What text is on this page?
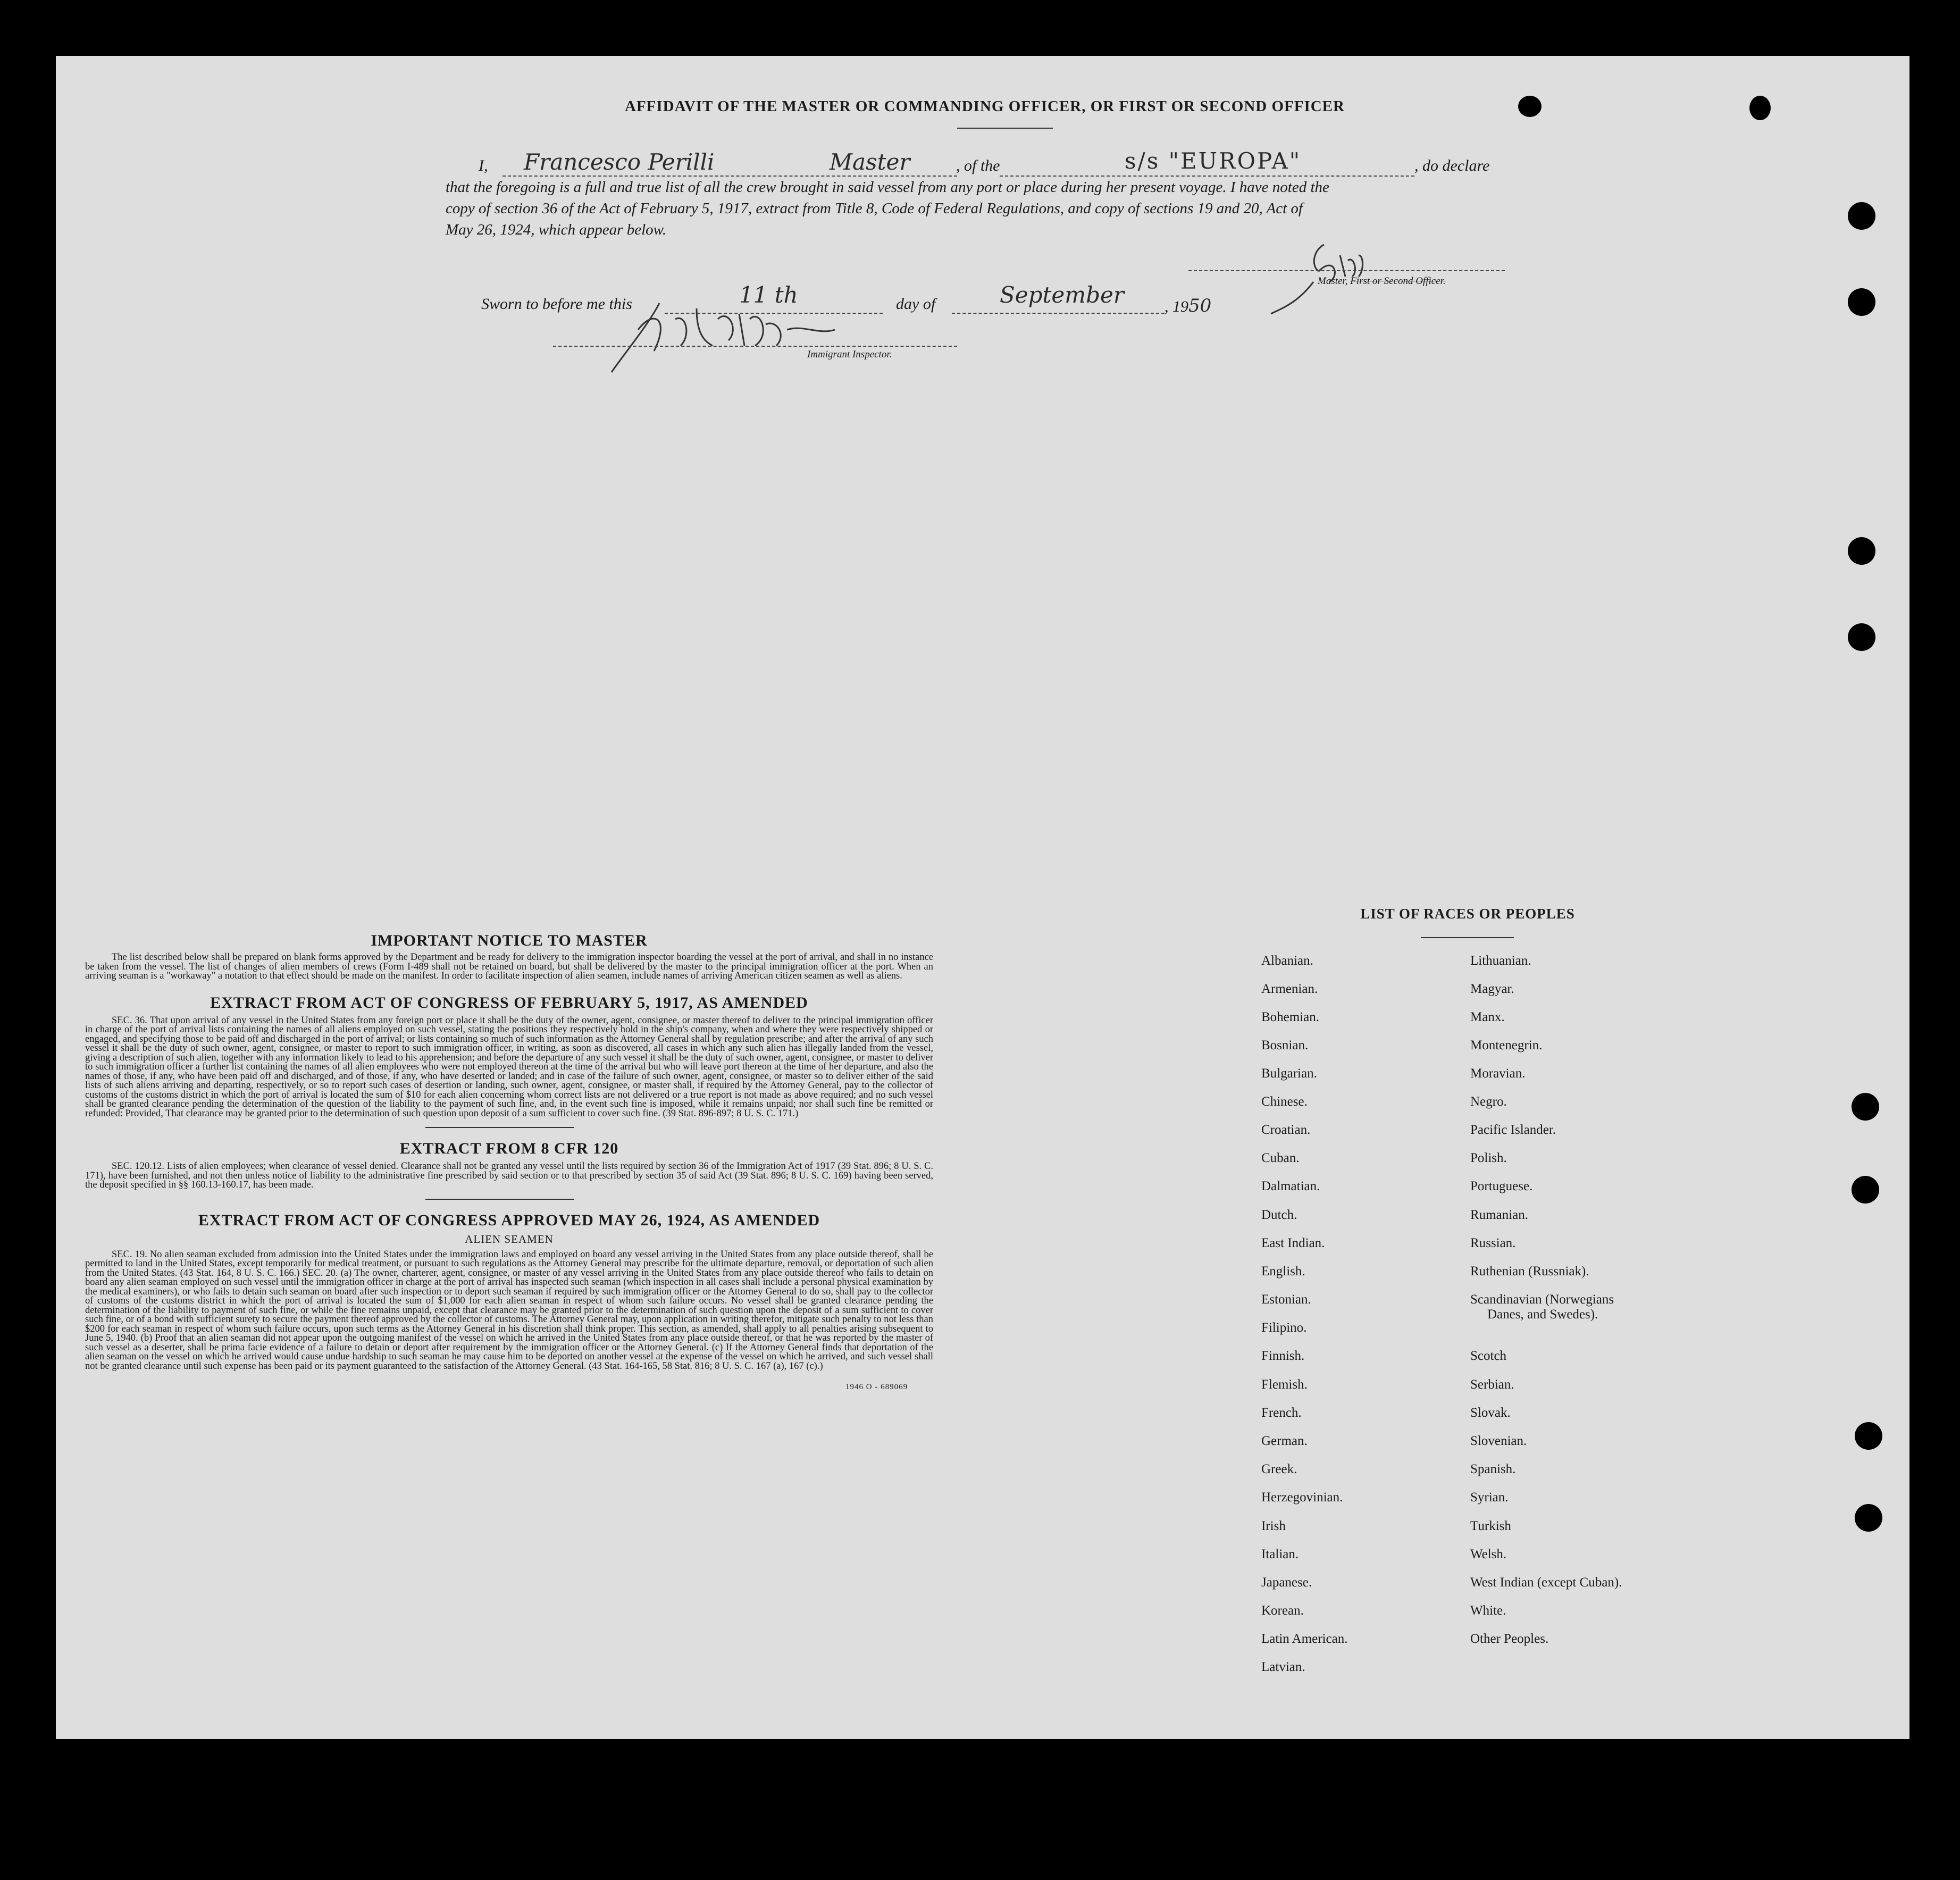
AFFIDAVIT OF THE MASTER OR COMMANDING OFFICER, OR FIRST OR SECOND OFFICER
I,	Francesco Perilli	Master	, of the	s/s "EUROPA"	, do declare
that the foregoing is a full and true list of all the crew brought in said vessel from any port or place during her present voyage. I have noted the
copy of section 36 of the Act of February 5, 1917, extract from Title 8, Code of Federal Regulations, and copy of sections 19 and 20, Act of
May 26, 1924, which appear below.
Master, First or Second Officer.
Sworn to before me this	11 th	day of	September	, 1950
Immigrant Inspector.
IMPORTANT NOTICE TO MASTER
The list described below shall be prepared on blank forms approved by the Department and be ready for delivery to the immigration inspector boarding the vessel at the port of arrival, and shall in no instance be taken from the vessel. The list of changes of alien members of crews (Form I-489 shall not be retained on board, but shall be delivered by the master to the principal immigration officer at the port. When an arriving seaman is a "workaway" a notation to that effect should be made on the manifest. In order to facilitate inspection of alien seamen, include names of arriving American citizen seamen as well as aliens.
EXTRACT FROM ACT OF CONGRESS OF FEBRUARY 5, 1917, AS AMENDED
SEC. 36. That upon arrival of any vessel in the United States from any foreign port or place it shall be the duty of the owner, agent, consignee, or master thereof to deliver to the principal immigration officer in charge of the port of arrival lists containing the names of all aliens employed on such vessel, stating the positions they respectively hold in the ship's company, when and where they were respectively shipped or engaged, and specifying those to be paid off and discharged in the port of arrival; or lists containing so much of such information as the Attorney General shall by regulation prescribe; and after the arrival of any such vessel it shall be the duty of such owner, agent, consignee, or master to report to such immigration officer, in writing, as soon as discovered, all cases in which any such alien has illegally landed from the vessel, giving a description of such alien, together with any information likely to lead to his apprehension; and before the departure of any such vessel it shall be the duty of such owner, agent, consignee, or master to deliver to such immigration officer a further list containing the names of all alien employees who were not employed thereon at the time of the arrival but who will leave port thereon at the time of her departure, and also the names of those, if any, who have been paid off and discharged, and of those, if any, who have deserted or landed; and in case of the failure of such owner, agent, consignee, or master so to deliver either of the said lists of such aliens arriving and departing, respectively, or so to report such cases of desertion or landing, such owner, agent, consignee, or master shall, if required by the Attorney General, pay to the collector of customs of the customs district in which the port of arrival is located the sum of $10 for each alien concerning whom correct lists are not delivered or a true report is not made as above required; and no such vessel shall be granted clearance pending the determination of the question of the liability to the payment of such fine, and, in the event such fine is imposed, while it remains unpaid; nor shall such fine be remitted or refunded: Provided, That clearance may be granted prior to the determination of such question upon deposit of a sum sufficient to cover such fine. (39 Stat. 896-897; 8 U. S. C. 171.)
EXTRACT FROM 8 CFR 120
SEC. 120.12. Lists of alien employees; when clearance of vessel denied. Clearance shall not be granted any vessel until the lists required by section 36 of the Immigration Act of 1917 (39 Stat. 896; 8 U. S. C. 171), have been furnished, and not then unless notice of liability to the administrative fine prescribed by said section or to that prescribed by section 35 of said Act (39 Stat. 896; 8 U. S. C. 169) having been served, the deposit specified in §§ 160.13-160.17, has been made.
EXTRACT FROM ACT OF CONGRESS APPROVED MAY 26, 1924, AS AMENDED
ALIEN SEAMEN
SEC. 19. No alien seaman excluded from admission into the United States under the immigration laws and employed on board any vessel arriving in the United States from any place outside thereof, shall be permitted to land in the United States, except temporarily for medical treatment, or pursuant to such regulations as the Attorney General may prescribe for the ultimate departure, removal, or deportation of such alien from the United States. (43 Stat. 164, 8 U. S. C. 166.) SEC. 20. (a) The owner, charterer, agent, consignee, or master of any vessel arriving in the United States from any place outside thereof who fails to detain on board any alien seaman employed on such vessel until the immigration officer in charge at the port of arrival has inspected such seaman (which inspection in all cases shall include a personal physical examination by the medical examiners), or who fails to detain such seaman on board after such inspection or to deport such seaman if required by such immigration officer or the Attorney General to do so, shall pay to the collector of customs of the customs district in which the port of arrival is located the sum of $1,000 for each alien seaman in respect of whom such failure occurs. No vessel shall be granted clearance pending the determination of the liability to payment of such fine, or while the fine remains unpaid, except that clearance may be granted prior to the determination of such question upon the deposit of a sum sufficient to cover such fine, or of a bond with sufficient surety to secure the payment thereof approved by the collector of customs. The Attorney General may, upon application in writing therefor, mitigate such penalty to not less than $200 for each seaman in respect of whom such failure occurs, upon such terms as the Attorney General in his discretion shall think proper. This section, as amended, shall apply to all penalties arising subsequent to June 5, 1940. (b) Proof that an alien seaman did not appear upon the outgoing manifest of the vessel on which he arrived in the United States from any place outside thereof, or that he was reported by the master of such vessel as a deserter, shall be prima facie evidence of a failure to detain or deport after requirement by the immigration officer or the Attorney General. (c) If the Attorney General finds that deportation of the alien seaman on the vessel on which he arrived would cause undue hardship to such seaman he may cause him to be deported on another vessel at the expense of the vessel on which he arrived, and such vessel shall not be granted clearance until such expense has been paid or its payment guaranteed to the satisfaction of the Attorney General. (43 Stat. 164-165, 58 Stat. 816; 8 U. S. C. 167 (a), 167 (c).)
1946 O - 689069
LIST OF RACES OR PEOPLES
Albanian.
Armenian.
Bohemian.
Bosnian.
Bulgarian.
Chinese.
Croatian.
Cuban.
Dalmatian.
Dutch.
East Indian.
English.
Estonian.
Filipino.
Finnish.
Flemish.
French.
German.
Greek.
Herzegovinian.
Irish
Italian.
Japanese.
Korean.
Latin American.
Latvian.
Lithuanian.
Magyar.
Manx.
Montenegrin.
Moravian.
Negro.
Pacific Islander.
Polish.
Portuguese.
Rumanian.
Russian.
Ruthenian (Russniak).
Scandinavian (Norwegians
Danes, and Swedes).
Scotch
Serbian.
Slovak.
Slovenian.
Spanish.
Syrian.
Turkish
Welsh.
West Indian (except Cuban).
White.
Other Peoples.
